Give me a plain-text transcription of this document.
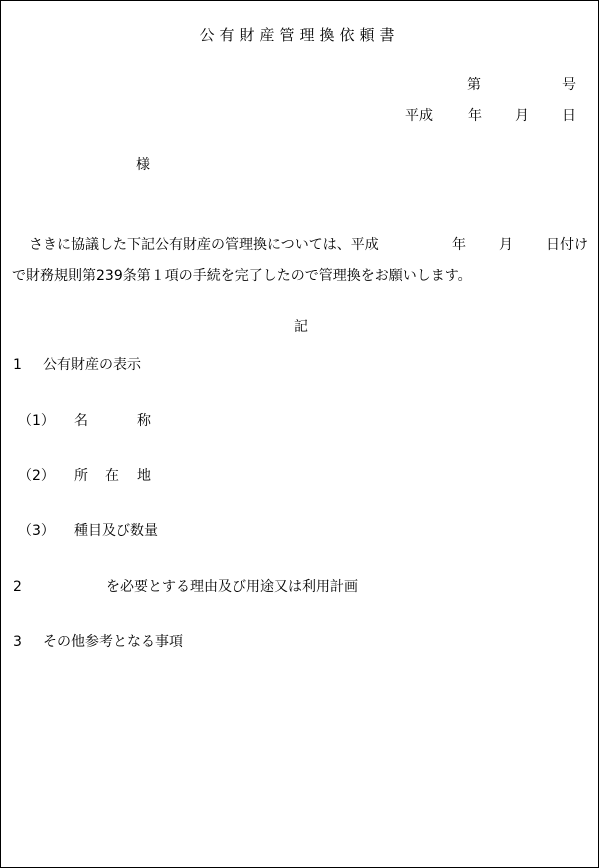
公有財産管理換依頼書
第	号
平成	年 月 日
様
さきに協議した下記公有財産の管理換については、平成	年 月 日付け
で財務規則第239条第１項の手続を完了したので管理換をお願いします。
記
1 公有財産の表示
（1） 名	称
（2） 所 在 地
（3） 種目及び数量
2	を必要とする理由及び用途又は利用計画
3 その他参考となる事項
